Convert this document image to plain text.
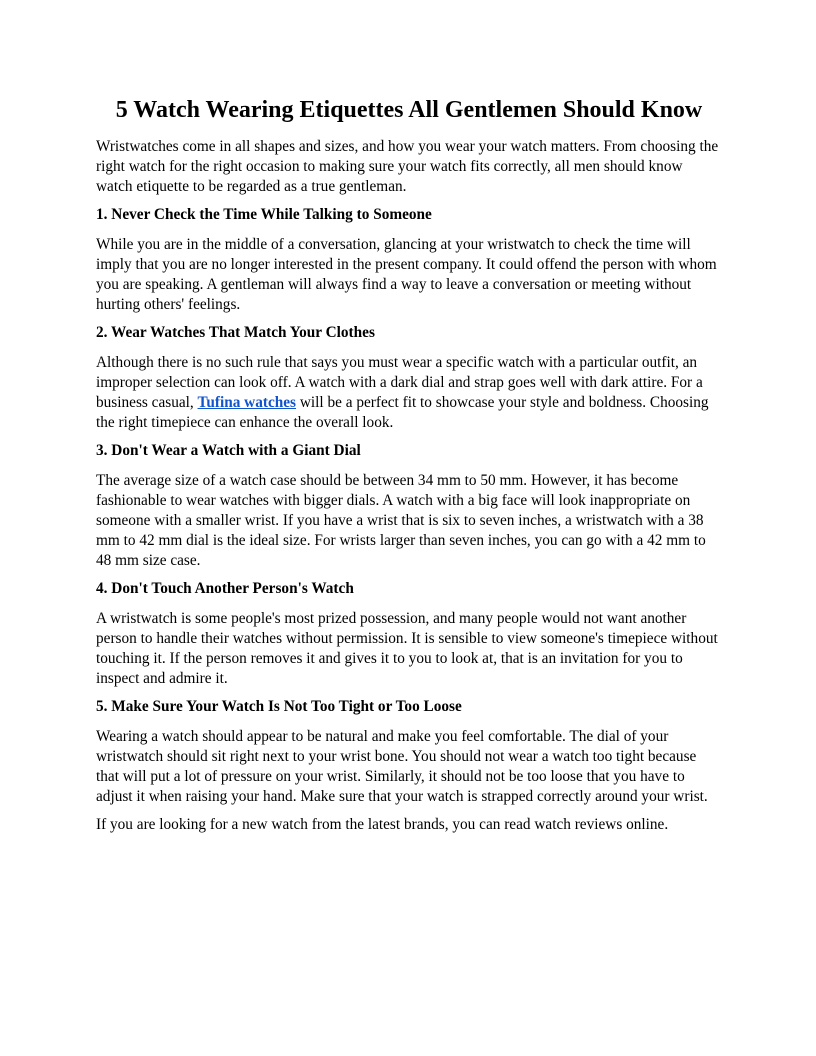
5 Watch Wearing Etiquettes All Gentlemen Should Know

Wristwatches come in all shapes and sizes, and how you wear your watch matters. From choosing the right watch for the right occasion to making sure your watch fits correctly, all men should know watch etiquette to be regarded as a true gentleman.

1. Never Check the Time While Talking to Someone

While you are in the middle of a conversation, glancing at your wristwatch to check the time will imply that you are no longer interested in the present company. It could offend the person with whom you are speaking. A gentleman will always find a way to leave a conversation or meeting without hurting others' feelings.

2. Wear Watches That Match Your Clothes

Although there is no such rule that says you must wear a specific watch with a particular outfit, an improper selection can look off. A watch with a dark dial and strap goes well with dark attire. For a business casual, Tufina watches will be a perfect fit to showcase your style and boldness. Choosing the right timepiece can enhance the overall look.

3. Don't Wear a Watch with a Giant Dial

The average size of a watch case should be between 34 mm to 50 mm. However, it has become fashionable to wear watches with bigger dials. A watch with a big face will look inappropriate on someone with a smaller wrist. If you have a wrist that is six to seven inches, a wristwatch with a 38 mm to 42 mm dial is the ideal size. For wrists larger than seven inches, you can go with a 42 mm to 48 mm size case.

4. Don't Touch Another Person's Watch

A wristwatch is some people's most prized possession, and many people would not want another person to handle their watches without permission. It is sensible to view someone's timepiece without touching it. If the person removes it and gives it to you to look at, that is an invitation for you to inspect and admire it.

5. Make Sure Your Watch Is Not Too Tight or Too Loose

Wearing a watch should appear to be natural and make you feel comfortable. The dial of your wristwatch should sit right next to your wrist bone. You should not wear a watch too tight because that will put a lot of pressure on your wrist. Similarly, it should not be too loose that you have to adjust it when raising your hand. Make sure that your watch is strapped correctly around your wrist.

If you are looking for a new watch from the latest brands, you can read watch reviews online.
